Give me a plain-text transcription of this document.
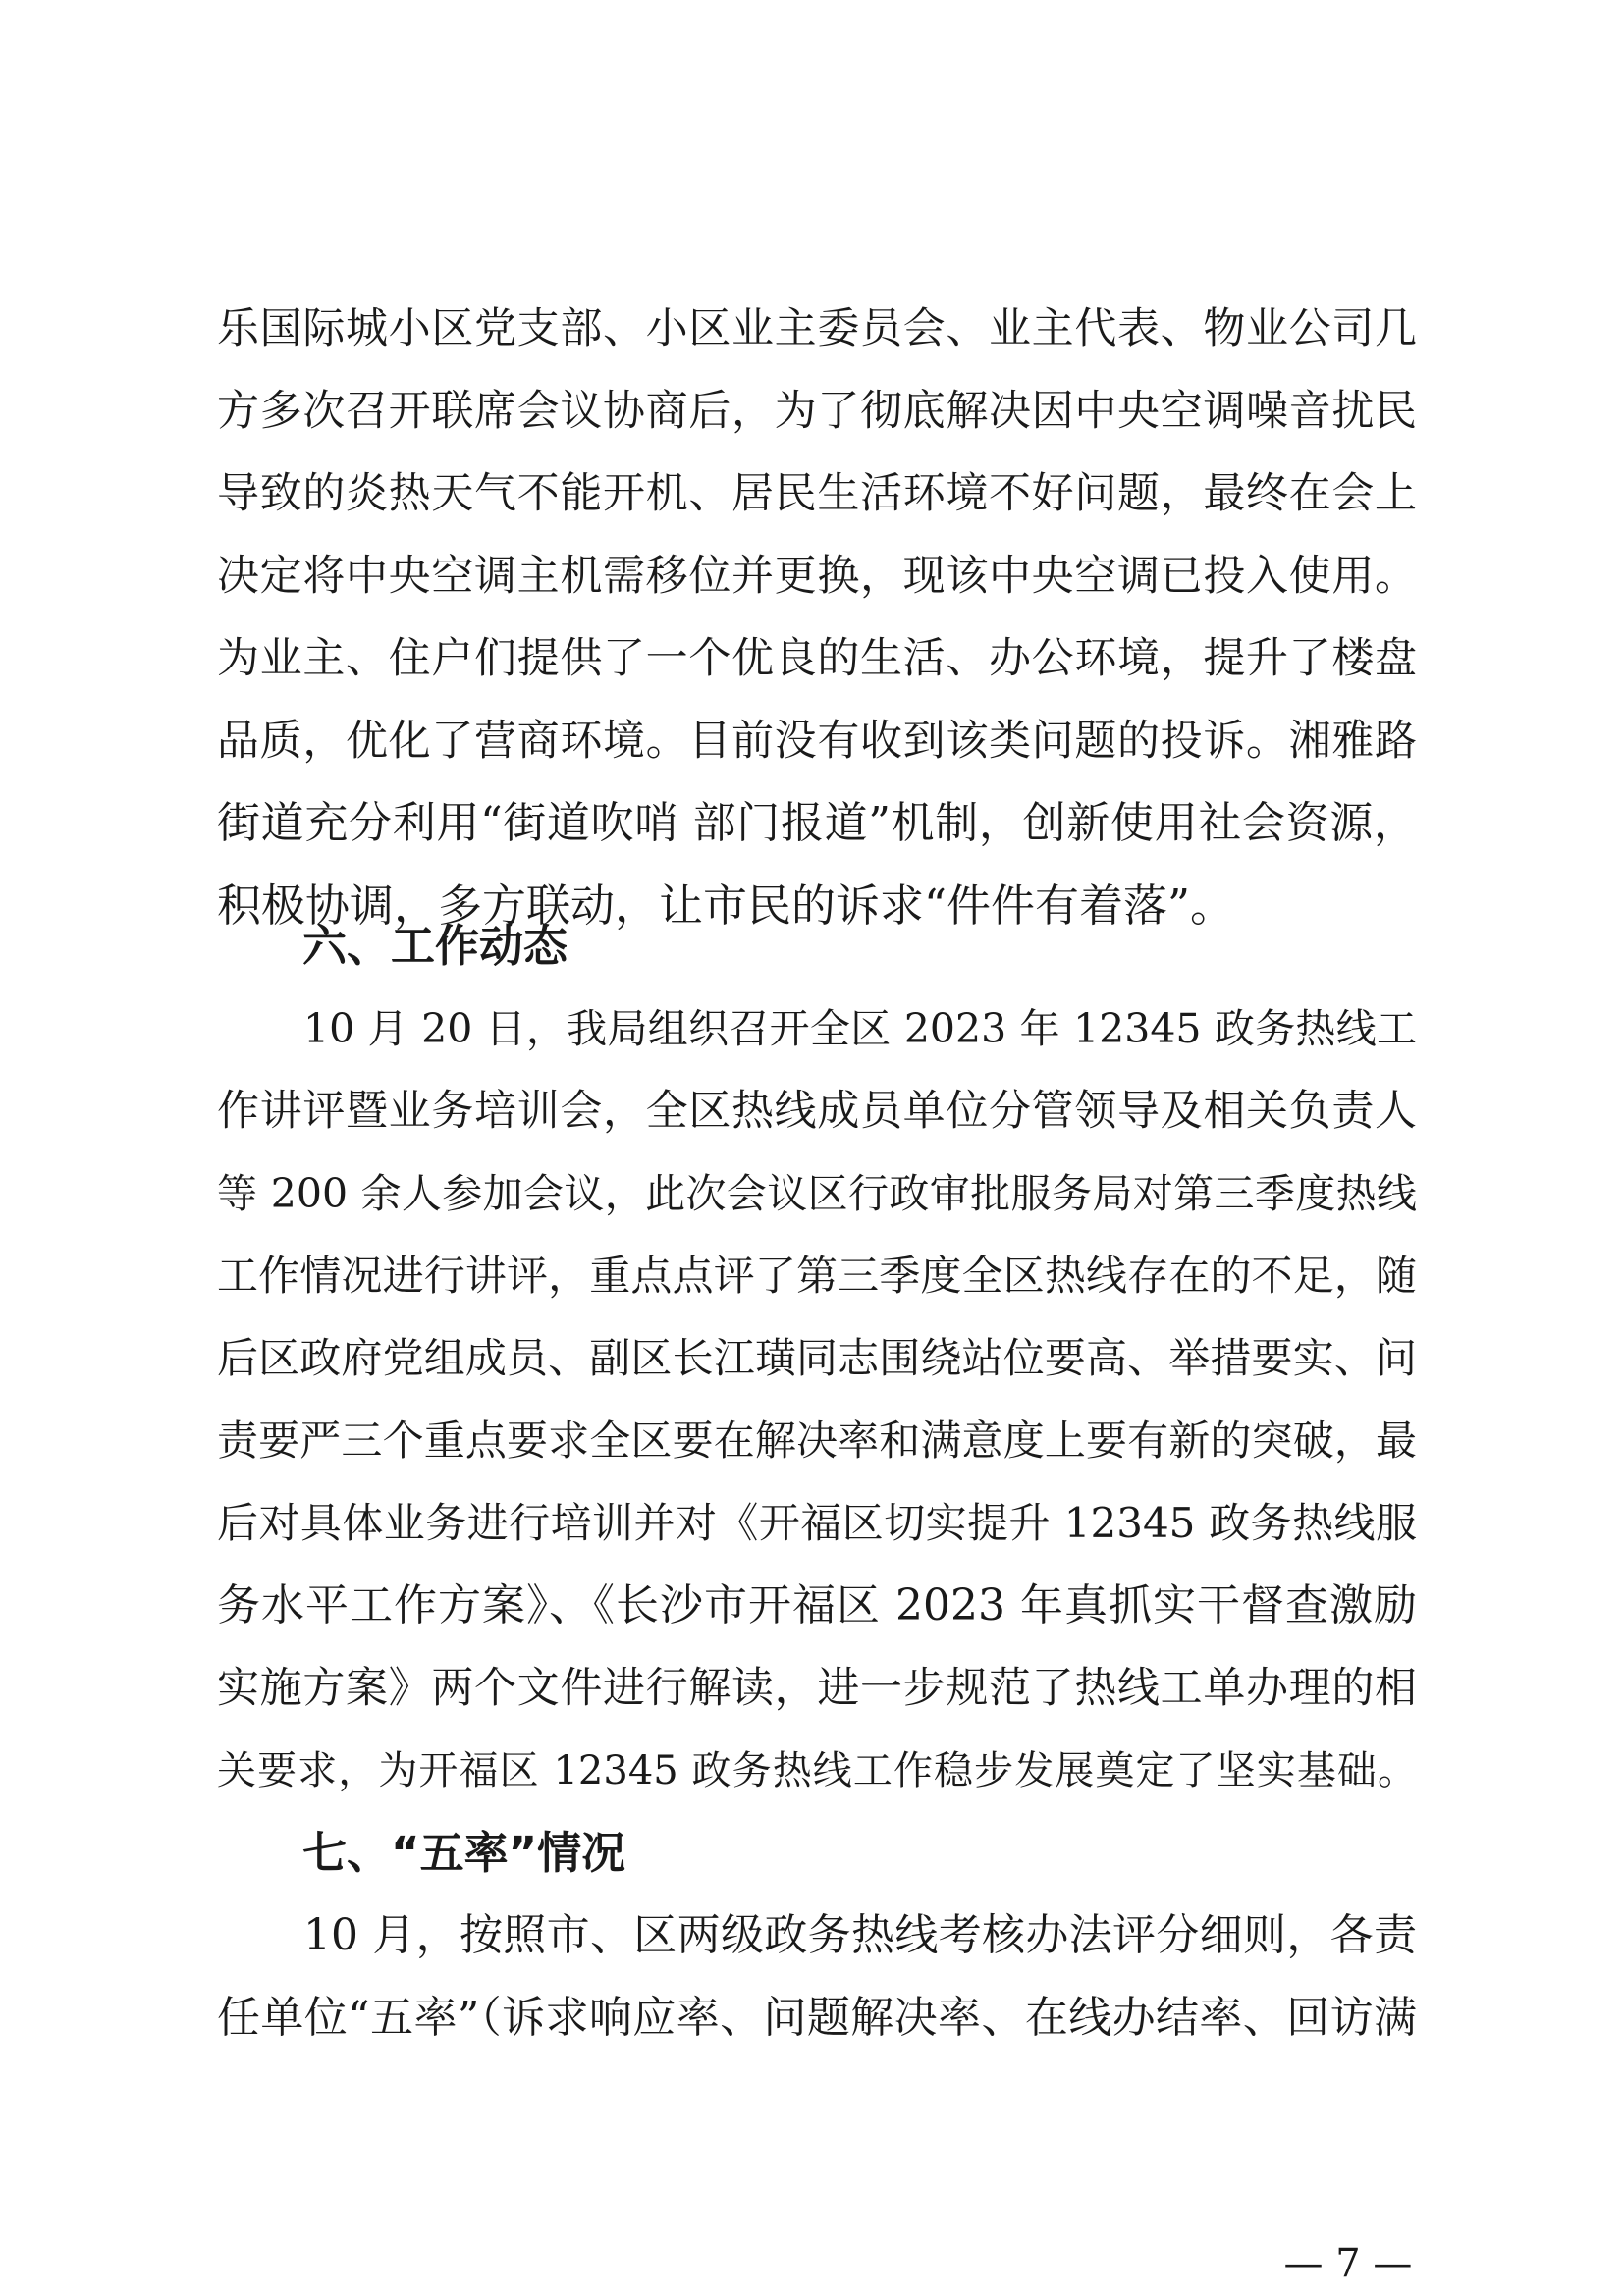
乐国际城小区党支部、小区业主委员会、业主代表、物业公司几
方多次召开联席会议协商后，为了彻底解决因中央空调噪音扰民
导致的炎热天气不能开机、居民生活环境不好问题，最终在会上
决定将中央空调主机需移位并更换，现该中央空调已投入使用。
为业主、住户们提供了一个优良的生活、办公环境，提升了楼盘
品质，优化了营商环境。目前没有收到该类问题的投诉。湘雅路
街道充分利用“街道吹哨 部门报道”机制，创新使用社会资源，
积极协调，多方联动，让市民的诉求“件件有着落”。
六、工作动态
10 月 20 日，我局组织召开全区 2023 年 12345 政务热线工
作讲评暨业务培训会，全区热线成员单位分管领导及相关负责人
等 200 余人参加会议，此次会议区行政审批服务局对第三季度热线
工作情况进行讲评，重点点评了第三季度全区热线存在的不足，随
后区政府党组成员、副区长江璜同志围绕站位要高、举措要实、问
责要严三个重点要求全区要在解决率和满意度上要有新的突破，最
后对具体业务进行培训并对《开福区切实提升 12345 政务热线服
务水平工作方案》、《长沙市开福区 2023 年真抓实干督查激励
实施方案》两个文件进行解读，进一步规范了热线工单办理的相
关要求，为开福区 12345 政务热线工作稳步发展奠定了坚实基础。
七、“五率”情况
10 月，按照市、区两级政务热线考核办法评分细则，各责
任单位“五率”（诉求响应率、问题解决率、在线办结率、回访满
— 7 —
